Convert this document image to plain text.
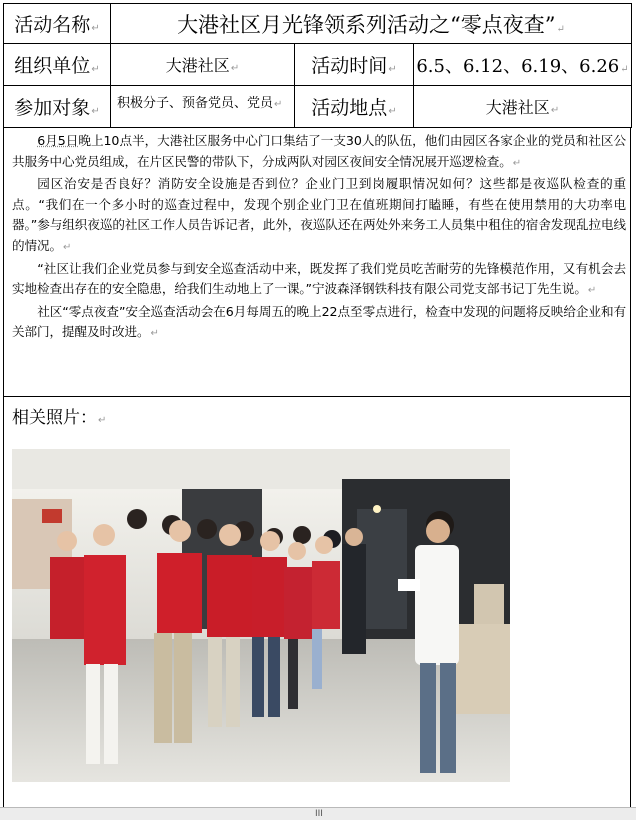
活动名称↵	大港社区月光锋领系列活动之“零点夜查”↵		
组织单位↵	大港社区↵	活动时间↵	6.5、6.12、6.19、6.26↵
参加对象↵	积极分子、预备党员、党员↵	活动地点↵	大港社区↵

6月5日晚上10点半，大港社区服务中心门口集结了一支30人的队伍，他们由园区各家企业的党员和社区公共服务中心党员组成，在片区民警的带队下，分成两队对园区夜间安全情况展开巡逻检查。↵

园区治安是否良好？消防安全设施是否到位？企业门卫到岗履职情况如何？这些都是夜巡队检查的重点。“我们在一个多小时的巡查过程中，发现个别企业门卫在值班期间打瞌睡，有些在使用禁用的大功率电器。”参与组织夜巡的社区工作人员告诉记者，此外，夜巡队还在两处外来务工人员集中租住的宿舍发现乱拉电线的情况。↵

“社区让我们企业党员参与到安全巡查活动中来，既发挥了我们党员吃苦耐劳的先锋模范作用，又有机会去实地检查出存在的安全隐患，给我们生动地上了一课。”宁波森泽钢铁科技有限公司党支部书记丁先生说。↵

社区“零点夜查”安全巡查活动会在6月每周五的晚上22点至零点进行，检查中发现的问题将反映给企业和有关部门，提醒及时改进。↵

相关照片：↵
III
